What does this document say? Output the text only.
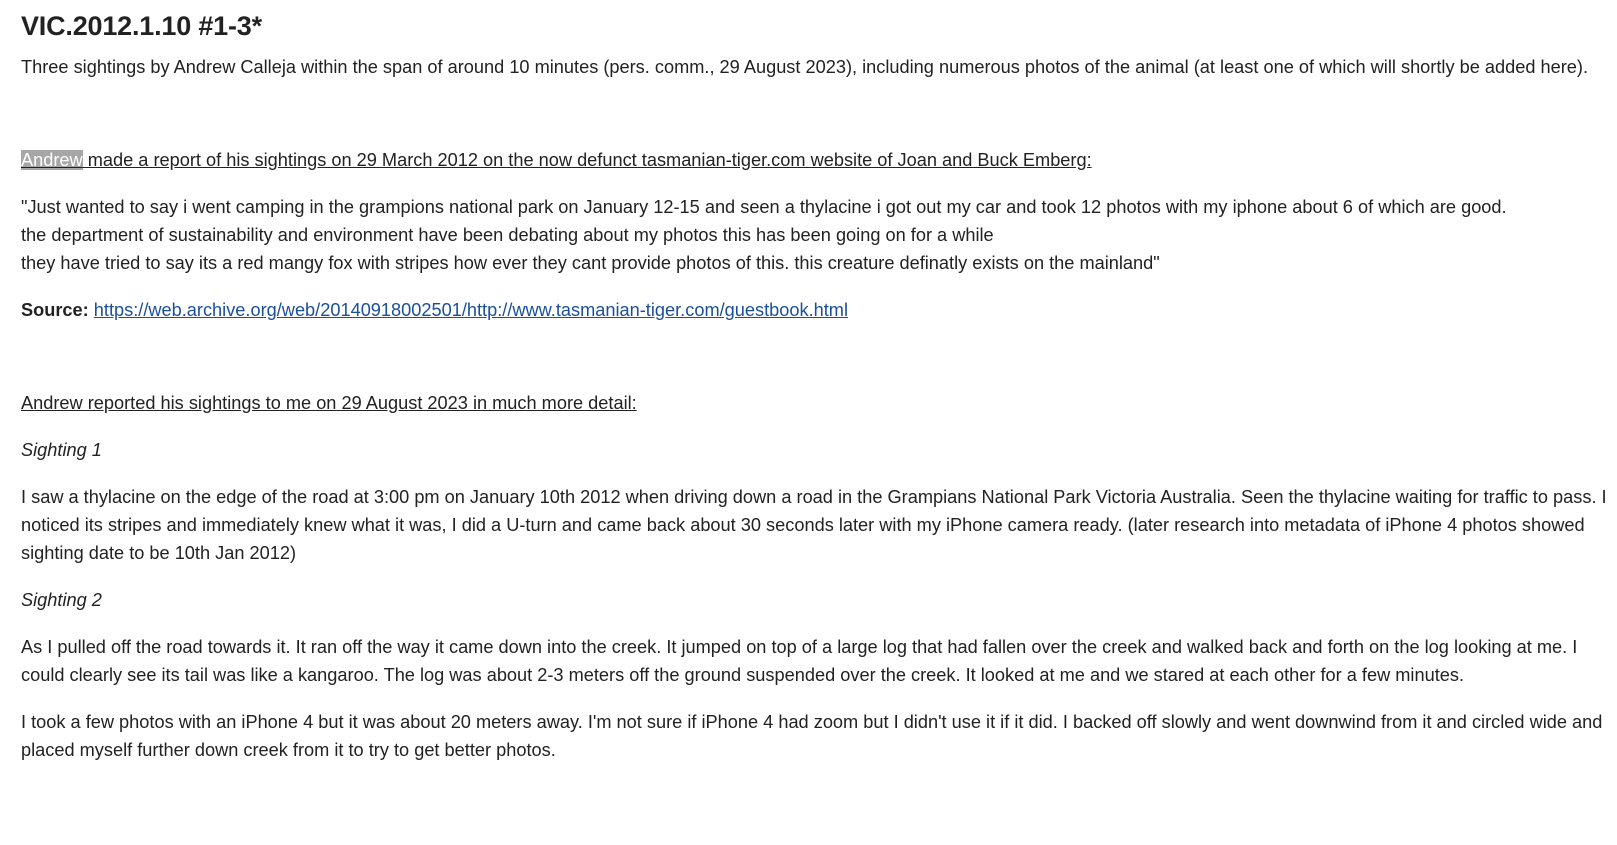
VIC.2012.1.10 #1-3*

Three sightings by Andrew Calleja within the span of around 10 minutes (pers. comm., 29 August 2023), including numerous photos of the animal (at least one of which will shortly be added here).

Andrew made a report of his sightings on 29 March 2012 on the now defunct tasmanian-tiger.com website of Joan and Buck Emberg:

"Just wanted to say i went camping in the grampions national park on January 12-15 and seen a thylacine i got out my car and took 12 photos with my iphone about 6 of which are good.
the department of sustainability and environment have been debating about my photos this has been going on for a while
they have tried to say its a red mangy fox with stripes how ever they cant provide photos of this. this creature definatly exists on the mainland"

Source: https://web.archive.org/web/20140918002501/http://www.tasmanian-tiger.com/guestbook.html

Andrew reported his sightings to me on 29 August 2023 in much more detail:

Sighting 1

I saw a thylacine on the edge of the road at 3:00 pm on January 10th 2012 when driving down a road in the Grampians National Park Victoria Australia. Seen the thylacine waiting for traffic to pass. I noticed its stripes and immediately knew what it was, I did a U-turn and came back about 30 seconds later with my iPhone camera ready. (later research into metadata of iPhone 4 photos showed sighting date to be 10th Jan 2012)

Sighting 2

As I pulled off the road towards it. It ran off the way it came down into the creek. It jumped on top of a large log that had fallen over the creek and walked back and forth on the log looking at me. I could clearly see its tail was like a kangaroo. The log was about 2-3 meters off the ground suspended over the creek. It looked at me and we stared at each other for a few minutes.

I took a few photos with an iPhone 4 but it was about 20 meters away. I'm not sure if iPhone 4 had zoom but I didn't use it if it did. I backed off slowly and went downwind from it and circled wide and placed myself further down creek from it to try to get better photos.
